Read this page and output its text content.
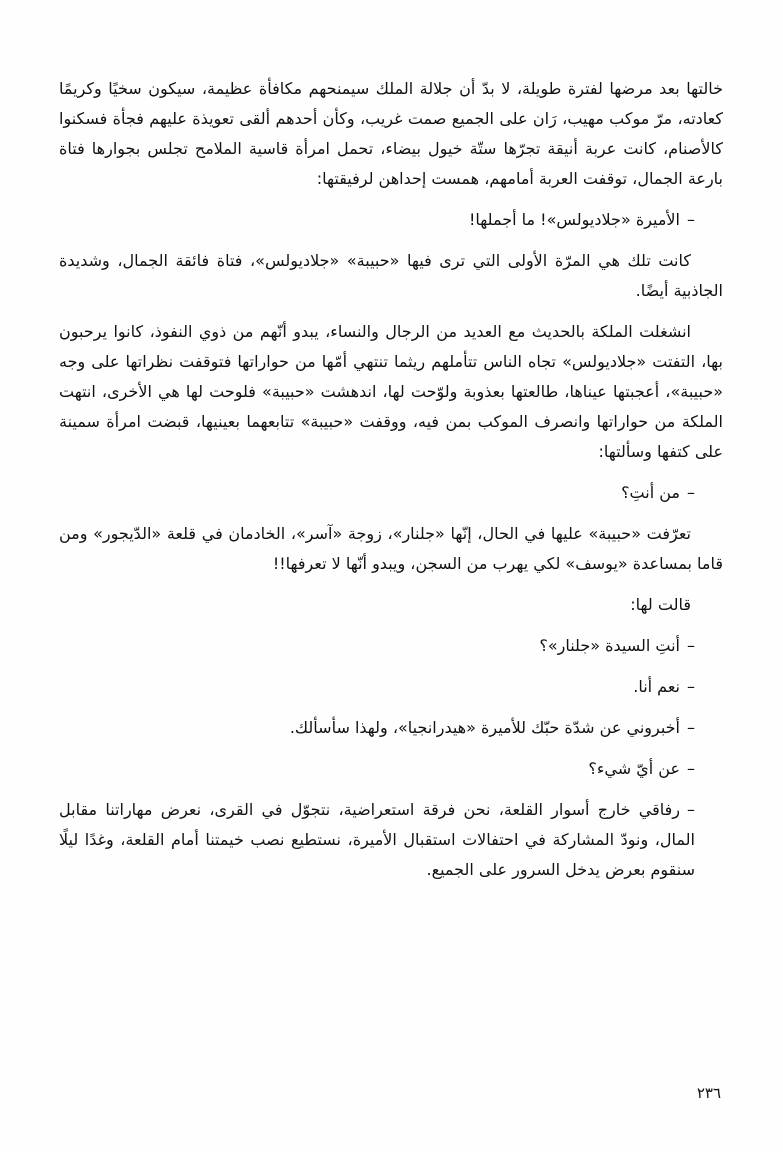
خالتها بعد مرضها لفترة طويلة، لا بدّ أن جلالة الملك سيمنحهم مكافأة عظيمة، سيكون سخيًا وكريمًا كعادته، مرّ موكب مهيب، رَان على الجميع صمت غريب، وكأن أحدهم ألقى تعويذة عليهم فجأة فسكنوا كالأصنام، كانت عربة أنيقة تجرّها ستّة خيول بيضاء، تحمل امرأة قاسية الملامح تجلس بجوارها فتاة بارعة الجمال، توقفت العربة أمامهم، همست إحداهن لرفيقتها:
–الأميرة «جلاديولس»! ما أجملها!
كانت تلك هي المرّة الأولى التي ترى فيها «حبيبة» «جلاديولس»، فتاة فائقة الجمال، وشديدة الجاذبية أيضًا.
انشغلت الملكة بالحديث مع العديد من الرجال والنساء، يبدو أنّهم من ذوي النفوذ، كانوا يرحبون بها، التفتت «جلاديولس» تجاه الناس تتأملهم ريثما تنتهي أمّها من حواراتها فتوقفت نظراتها على وجه «حبيبة»، أعجبتها عيناها، طالعتها بعذوبة ولوّحت لها، اندهشت «حبيبة» فلوحت لها هي الأخرى، انتهت الملكة من حواراتها وانصرف الموكب بمن فيه، ووقفت «حبيبة» تتابعهما بعينيها، قبضت امرأة سمينة على كتفها وسألتها:
–من أنتِ؟
تعرّفت «حبيبة» عليها في الحال، إنّها «جلنار»، زوجة «آسر»، الخادمان في قلعة «الدّيجور» ومن قاما بمساعدة «يوسف» لكي يهرب من السجن، ويبدو أنّها لا تعرفها!!
قالت لها:
–أنتِ السيدة «جلنار»؟
–نعم أنا.
–أخبروني عن شدّة حبّك للأميرة «هيدرانجيا»، ولهذا سأسألك.
–عن أيّ شيء؟
–رفاقي خارج أسوار القلعة، نحن فرقة استعراضية، نتجوّل في القرى، نعرض مهاراتنا مقابل المال، ونودّ المشاركة في احتفالات استقبال الأميرة، نستطيع نصب خيمتنا أمام القلعة، وغدًا ليلًا سنقوم بعرض يدخل السرور على الجميع.
٢٣٦
